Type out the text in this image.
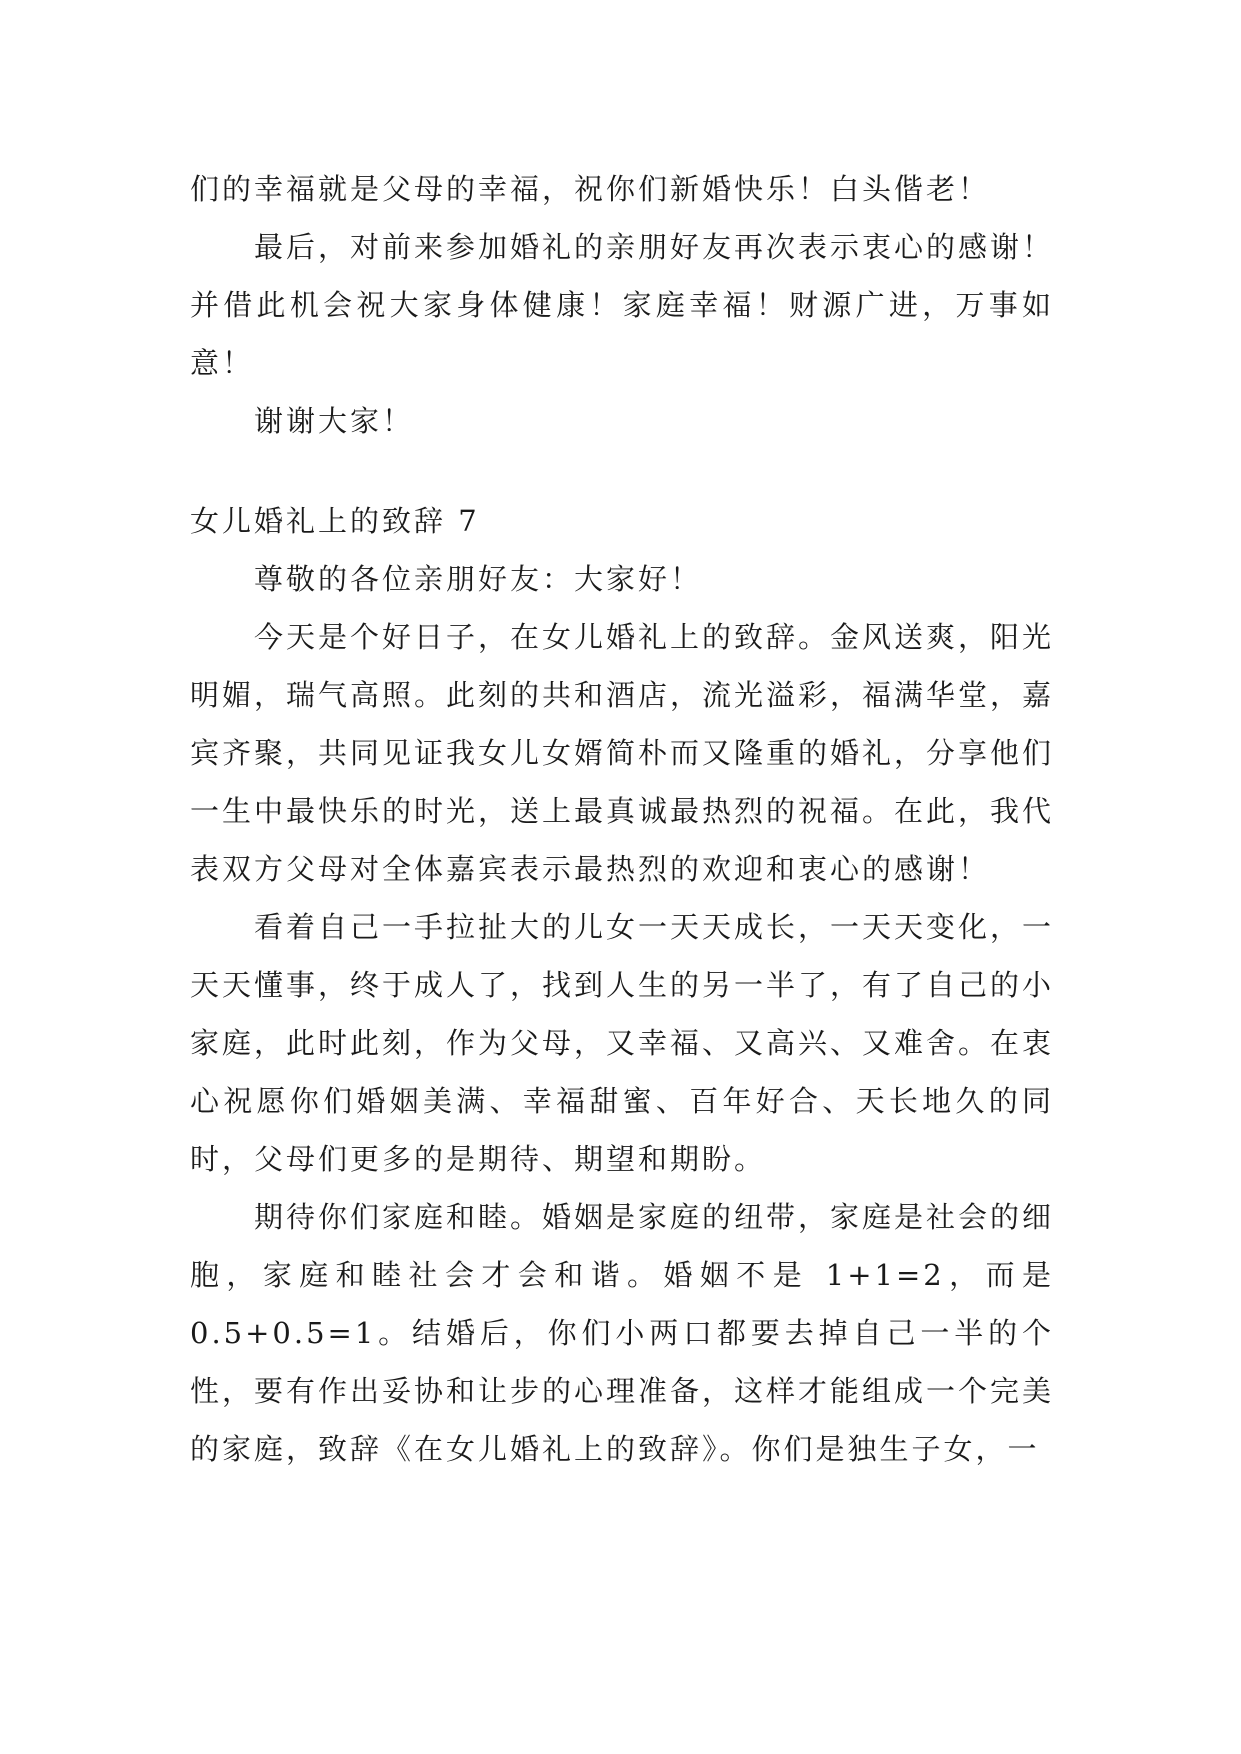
们的幸福就是父母的幸福，祝你们新婚快乐！白头偕老！

最后，对前来参加婚礼的亲朋好友再次表示衷心的感谢！并借此机会祝大家身体健康！家庭幸福！财源广进，万事如意！

谢谢大家！

女儿婚礼上的致辞 7

尊敬的各位亲朋好友：大家好！

今天是个好日子，在女儿婚礼上的致辞。金风送爽，阳光明媚，瑞气高照。此刻的共和酒店，流光溢彩，福满华堂，嘉宾齐聚，共同见证我女儿女婿简朴而又隆重的婚礼，分享他们一生中最快乐的时光，送上最真诚最热烈的祝福。在此，我代表双方父母对全体嘉宾表示最热烈的欢迎和衷心的感谢！

看着自己一手拉扯大的儿女一天天成长，一天天变化，一天天懂事，终于成人了，找到人生的另一半了，有了自己的小家庭，此时此刻，作为父母，又幸福、又高兴、又难舍。在衷心祝愿你们婚姻美满、幸福甜蜜、百年好合、天长地久的同时，父母们更多的是期待、期望和期盼。

期待你们家庭和睦。婚姻是家庭的纽带，家庭是社会的细胞，家庭和睦社会才会和谐。婚姻不是 1+1=2，而是0.5+0.5=1。结婚后，你们小两口都要去掉自己一半的个性，要有作出妥协和让步的心理准备，这样才能组成一个完美的家庭，致辞《在女儿婚礼上的致辞》。你们是独生子女，一
